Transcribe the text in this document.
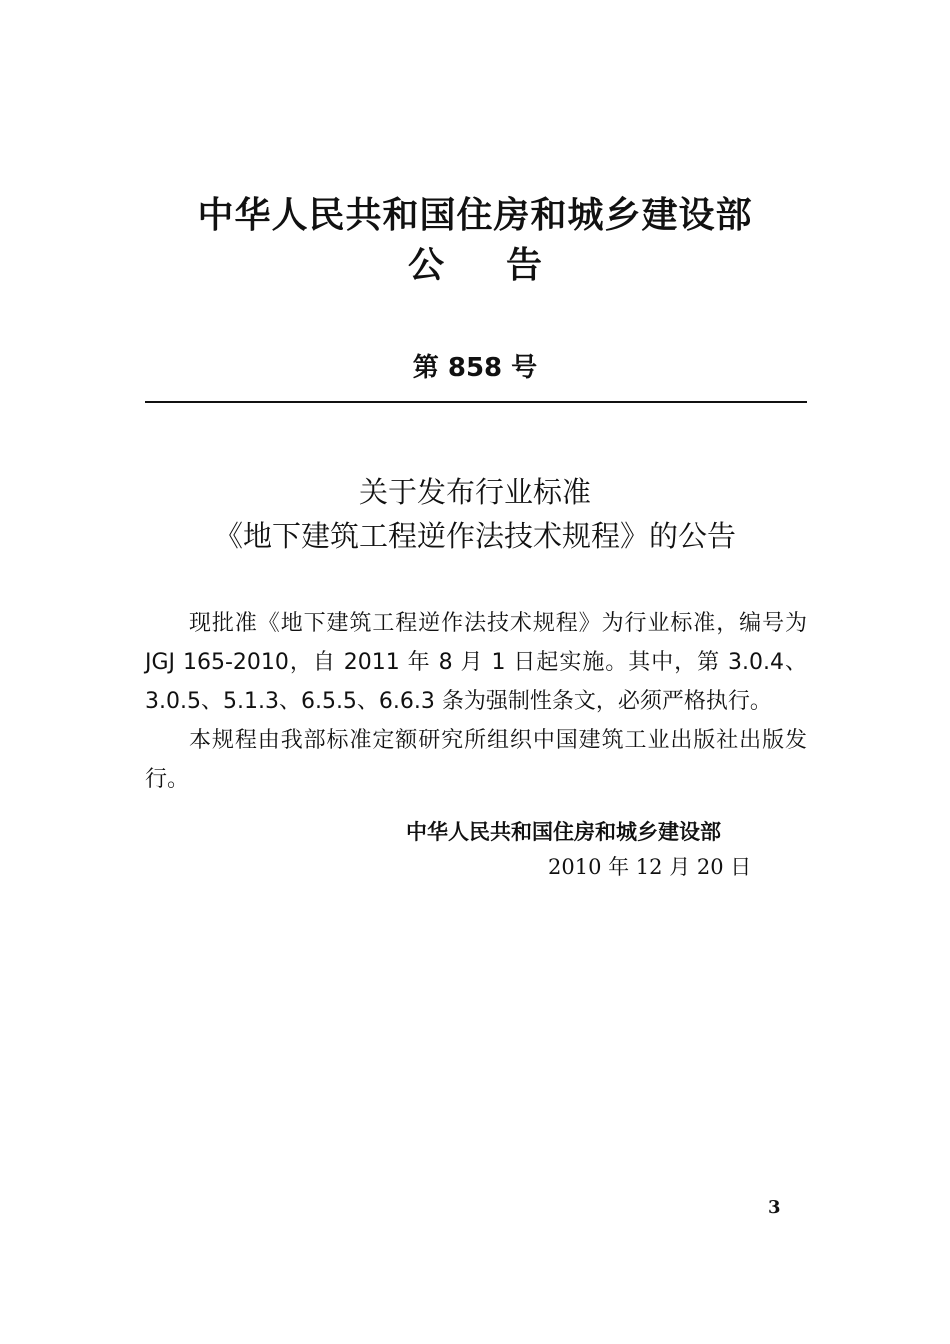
中华人民共和国住房和城乡建设部
公告
第 858 号
关于发布行业标准
《地下建筑工程逆作法技术规程》的公告

现批准《地下建筑工程逆作法技术规程》为行业标准，编号为 JGJ 165-2010，自 2011 年 8 月 1 日起实施。其中，第 3.0.4、3.0.5、5.1.3、6.5.5、6.6.3 条为强制性条文，必须严格执行。

本规程由我部标准定额研究所组织中国建筑工业出版社出版发行。

中华人民共和国住房和城乡建设部
2010 年 12 月 20 日
3
